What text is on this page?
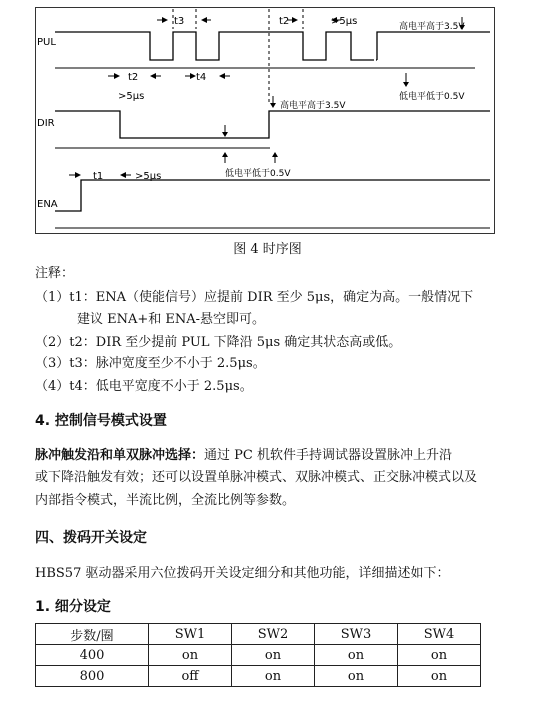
PUL
DIR
ENA
t3	t2	>5μs	高电平高于3.5V
t2	t4
>5μs	低电平低于0.5V
高电平高于3.5V
低电平低于0.5V
t1	>5μs
图 4 时序图
注释：
（1）t1：ENA（使能信号）应提前 DIR 至少 5μs，确定为高。一般情况下
建议 ENA+和 ENA-悬空即可。
（2）t2：DIR 至少提前 PUL 下降沿 5μs 确定其状态高或低。
（3）t3：脉冲宽度至少不小于 2.5μs。
（4）t4：低电平宽度不小于 2.5μs。
4. 控制信号模式设置
脉冲触发沿和单双脉冲选择：通过 PC 机软件手持调试器设置脉冲上升沿
或下降沿触发有效；还可以设置单脉冲模式、双脉冲模式、正交脉冲模式以及
内部指令模式，半流比例，全流比例等参数。
四、拨码开关设定
HBS57 驱动器采用六位拨码开关设定细分和其他功能，详细描述如下：
1. 细分设定
步数/圈	SW1	SW2	SW3	SW4
400	on	on	on	on
800	off	on	on	on
